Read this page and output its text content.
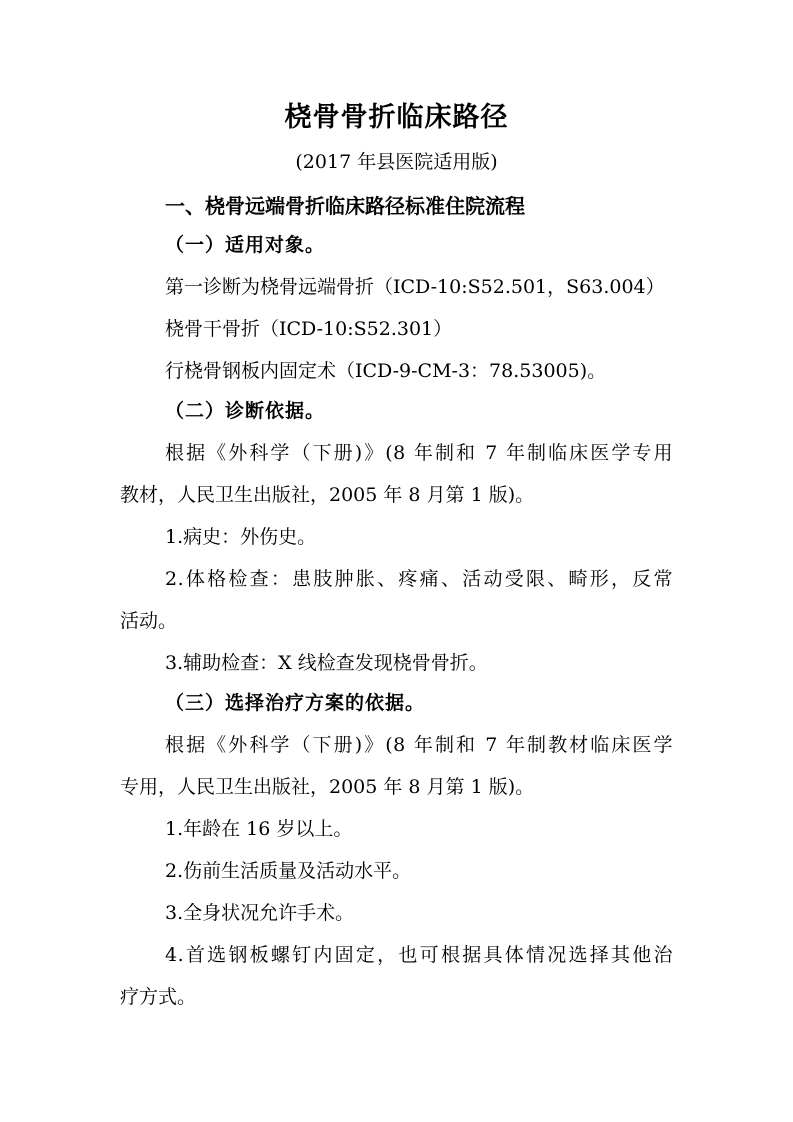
桡骨骨折临床路径
(2017 年县医院适用版)
一、桡骨远端骨折临床路径标准住院流程
（一）适用对象。
第一诊断为桡骨远端骨折（ICD-10:S52.501，S63.004）
桡骨干骨折（ICD-10:S52.301）
行桡骨钢板内固定术（ICD-9-CM-3：78.53005)。
（二）诊断依据。
根据《外科学（下册)》(8 年制和 7 年制临床医学专用
教材，人民卫生出版社，2005 年 8 月第 1 版)。
1.病史：外伤史。
2.体格检查：患肢肿胀、疼痛、活动受限、畸形，反常
活动。
3.辅助检查：X 线检查发现桡骨骨折。
（三）选择治疗方案的依据。
根据《外科学（下册)》(8 年制和 7 年制教材临床医学
专用，人民卫生出版社，2005 年 8 月第 1 版)。
1.年龄在 16 岁以上。
2.伤前生活质量及活动水平。
3.全身状况允许手术。
4.首选钢板螺钉内固定，也可根据具体情况选择其他治
疗方式。
